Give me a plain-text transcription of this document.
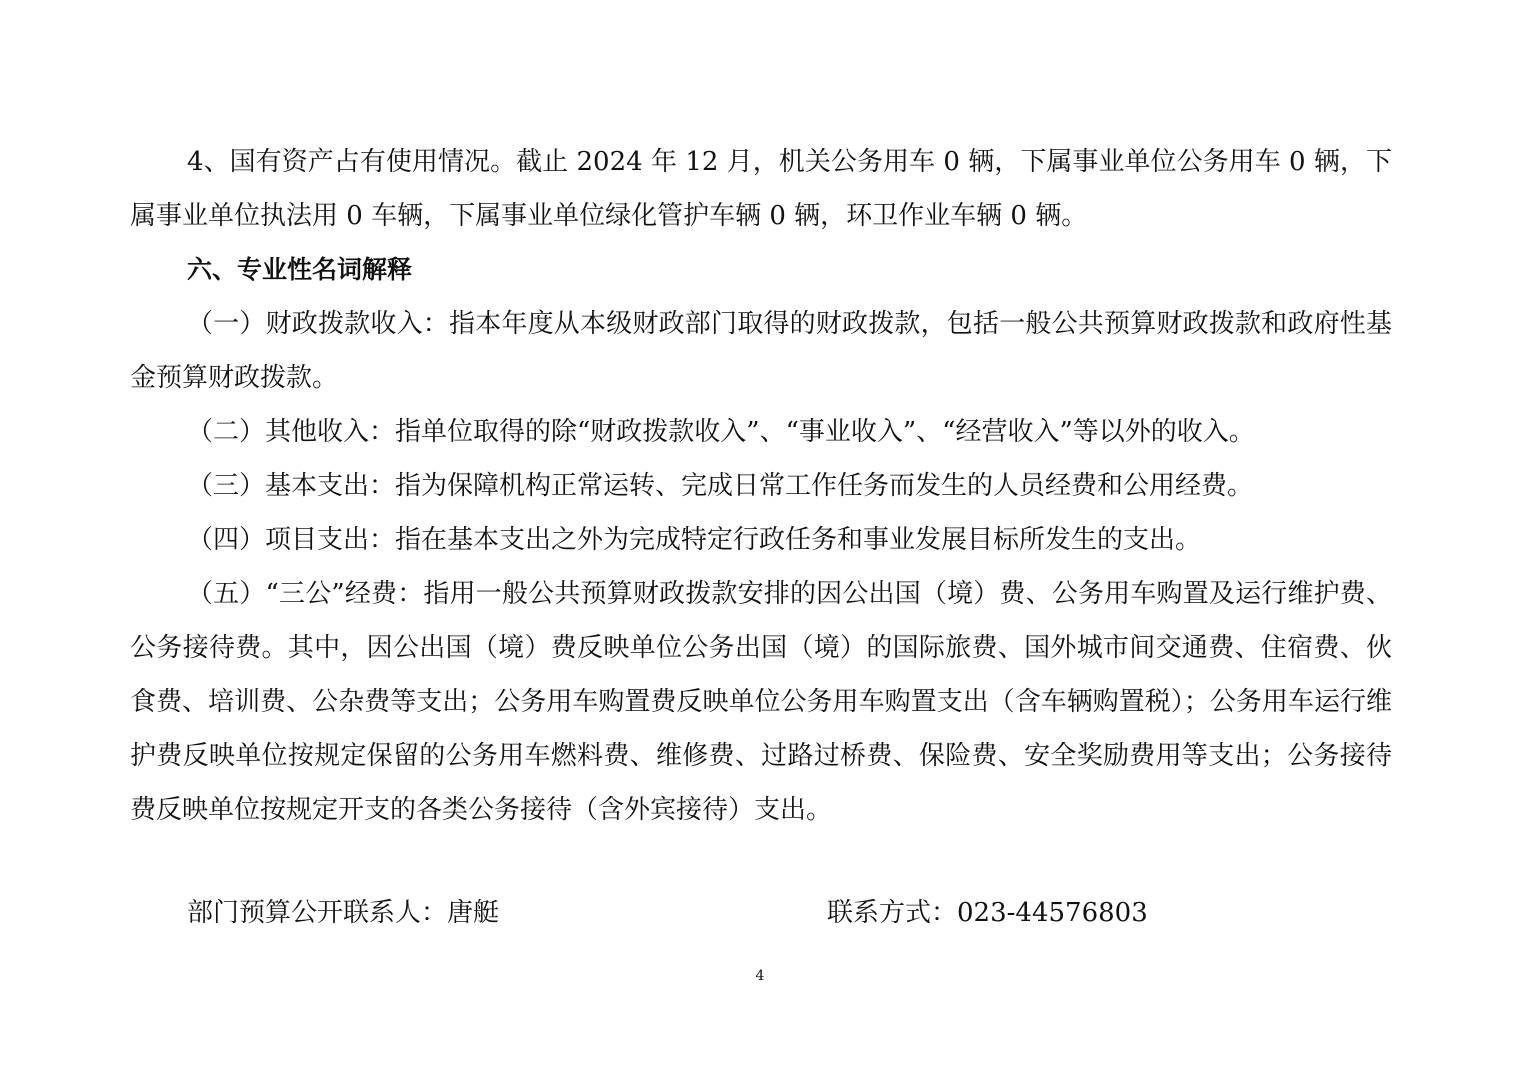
4、国有资产占有使用情况。截止 2024 年 12 月，机关公务用车 0 辆，下属事业单位公务用车 0 辆，下属事业单位执法用 0 车辆，下属事业单位绿化管护车辆 0 辆，环卫作业车辆 0 辆。

六、专业性名词解释

（一）财政拨款收入：指本年度从本级财政部门取得的财政拨款，包括一般公共预算财政拨款和政府性基金预算财政拨款。

（二）其他收入：指单位取得的除“财政拨款收入”、“事业收入”、“经营收入”等以外的收入。

（三）基本支出：指为保障机构正常运转、完成日常工作任务而发生的人员经费和公用经费。

（四）项目支出：指在基本支出之外为完成特定行政任务和事业发展目标所发生的支出。

（五）“三公”经费：指用一般公共预算财政拨款安排的因公出国（境）费、公务用车购置及运行维护费、公务接待费。其中，因公出国（境）费反映单位公务出国（境）的国际旅费、国外城市间交通费、住宿费、伙食费、培训费、公杂费等支出；公务用车购置费反映单位公务用车购置支出（含车辆购置税）；公务用车运行维护费反映单位按规定保留的公务用车燃料费、维修费、过路过桥费、保险费、安全奖励费用等支出；公务接待费反映单位按规定开支的各类公务接待（含外宾接待）支出。

部门预算公开联系人：唐艇	联系方式：023-44576803
4
